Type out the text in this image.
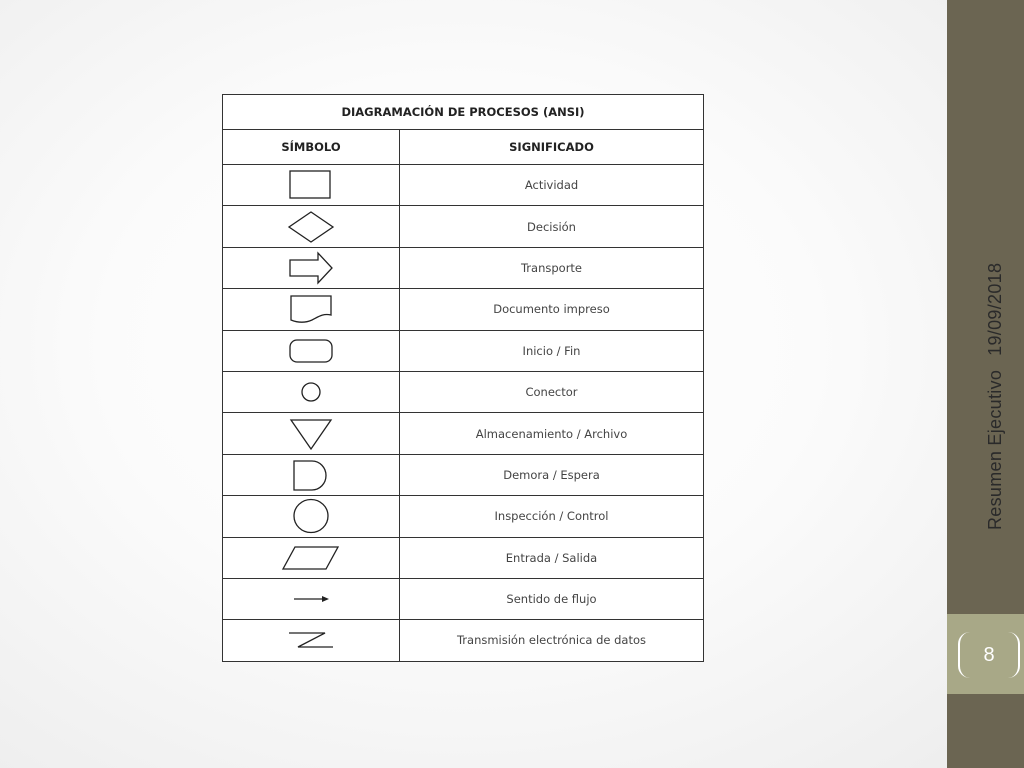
DIAGRAMACIÓN DE PROCESOS (ANSI)	
SÍMBOLO	SIGNIFICADO

	Actividad

	Decisión

	Transporte

	Documento impreso

	Inicio / Fin

	Conector

	Almacenamiento / Archivo

	Demora / Espera

	Inspección / Control

	Entrada / Salida

	Sentido de flujo

	Transmisión electrónica de datos
Resumen Ejecutivo19/09/2018
8
